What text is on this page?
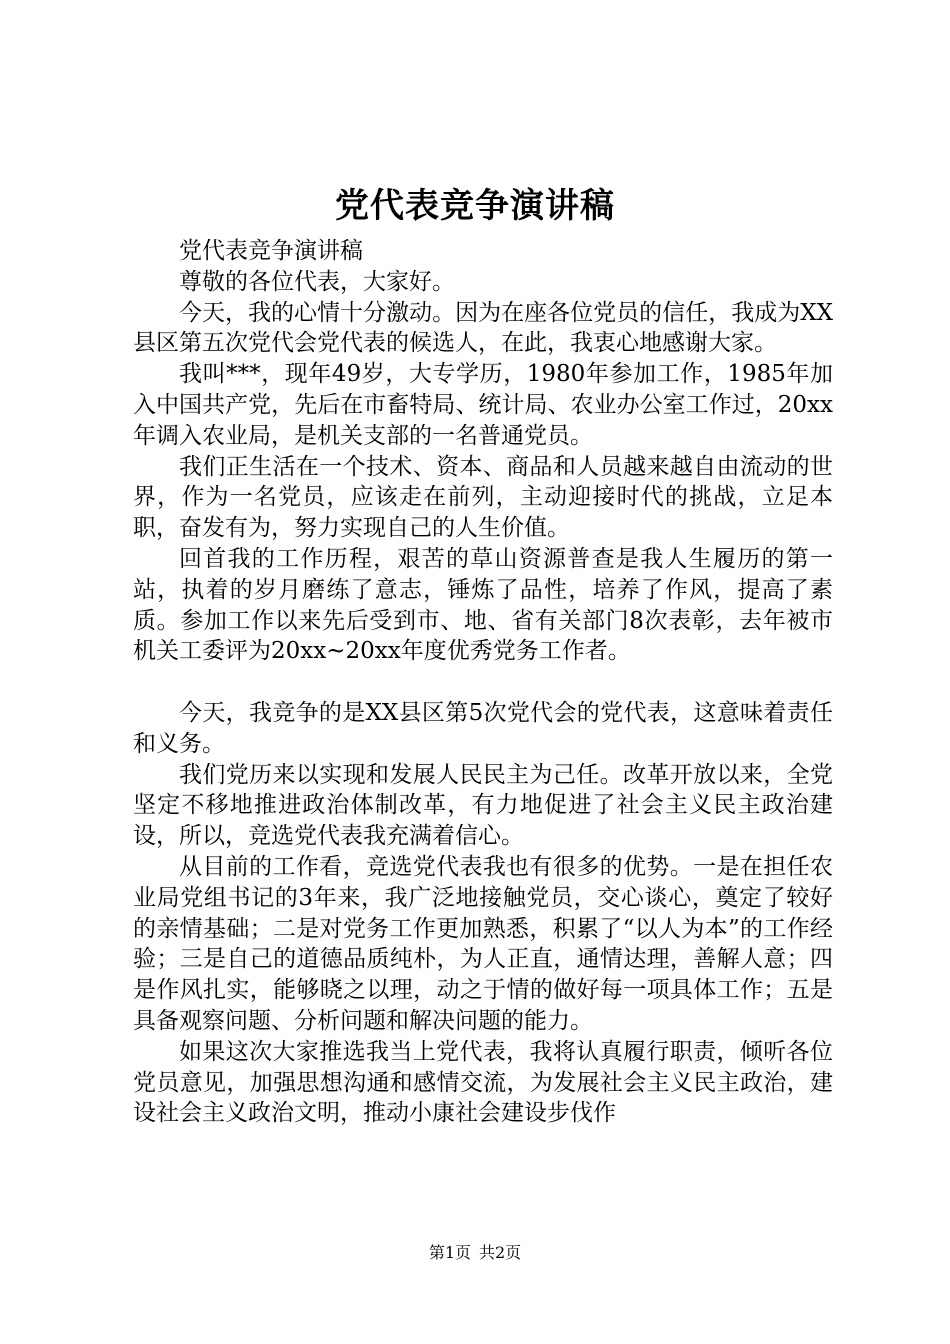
党代表竞争演讲稿

党代表竞争演讲稿

尊敬的各位代表，大家好。

今天，我的心情十分激动。因为在座各位党员的信任，我成为XX县区第五次党代会党代表的候选人，在此，我衷心地感谢大家。

我叫***，现年49岁，大专学历，1980年参加工作，1985年加入中国共产党，先后在市畜特局、统计局、农业办公室工作过，20xx年调入农业局，是机关支部的一名普通党员。

我们正生活在一个技术、资本、商品和人员越来越自由流动的世界，作为一名党员，应该走在前列，主动迎接时代的挑战，立足本职，奋发有为，努力实现自己的人生价值。

回首我的工作历程，艰苦的草山资源普查是我人生履历的第一站，执着的岁月磨练了意志，锤炼了品性，培养了作风，提高了素质。参加工作以来先后受到市、地、省有关部门8次表彰，去年被市机关工委评为20xx~20xx年度优秀党务工作者。

今天，我竞争的是XX县区第5次党代会的党代表，这意味着责任和义务。

我们党历来以实现和发展人民民主为己任。改革开放以来，全党坚定不移地推进政治体制改革，有力地促进了社会主义民主政治建设，所以，竞选党代表我充满着信心。

从目前的工作看，竞选党代表我也有很多的优势。一是在担任农业局党组书记的3年来，我广泛地接触党员，交心谈心，奠定了较好的亲情基础；二是对党务工作更加熟悉，积累了“以人为本”的工作经验；三是自己的道德品质纯朴，为人正直，通情达理，善解人意；四是作风扎实，能够晓之以理，动之于情的做好每一项具体工作；五是具备观察问题、分析问题和解决问题的能力。

如果这次大家推选我当上党代表，我将认真履行职责，倾听各位党员意见，加强思想沟通和感情交流，为发展社会主义民主政治，建设社会主义政治文明，推动小康社会建设步伐作

第1页 共2页
